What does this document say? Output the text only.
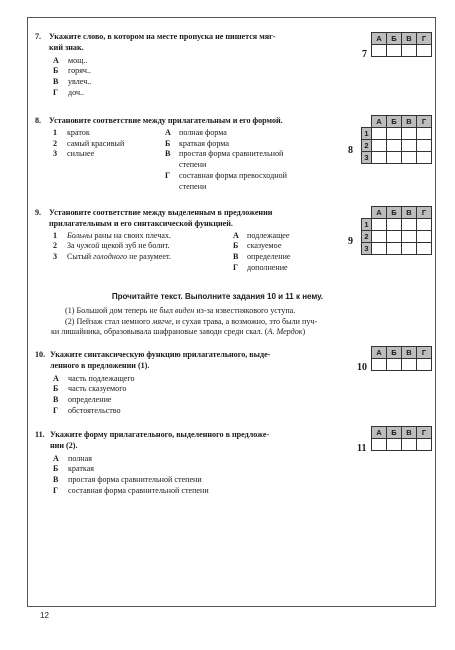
7. Укажите слово, в котором на месте пропуска не пишется мяг-
кий знак.
А	мощ..
Б	горяч..
В	увлеч..
Г	доч..
7
А	Б	В	Г

8. Установите соответствие между прилагательным и его формой.
1	краток
2	самый красивый
3	сильнее
А	полная форма
Б	краткая форма
В	простая форма сравнительной
степени
Г	составная форма превосходной
степени
8
	А	Б	В	Г
1				
2				
3				
9. Установите соответствие между выделенным в предложении
прилагательным и его синтаксической функцией.
1	Больны раны на своих плечах.
2	За чужой щекой зуб не болит.
3	Сытый голодного не разумеет.
А	подлежащее
Б	сказуемое
В	определение
Г	дополнение
9
	А	Б	В	Г
1				
2				
3				
Прочитайте текст. Выполните задания 10 и 11 к нему.
(1) Большой дом теперь не был виден из-за известнякового уступа.
(2) Пейзаж стал немного мягче, и сухая трава, а возможно, это были пуч-
ки лишайника, образовывала шафрановые заводи среди скал. (А. Мердок)
10. Укажите синтаксическую функцию прилагательного, выде-
ленного в предложении (1).
А	часть подлежащего
Б	часть сказуемого
В	определение
Г	обстоятельство
10
А	Б	В	Г

11. Укажите форму прилагательного, выделенного в предложе-
нии (2).
А	полная
Б	краткая
В	простая форма сравнительной степени
Г	составная форма сравнительной степени
11
А	Б	В	Г

12
